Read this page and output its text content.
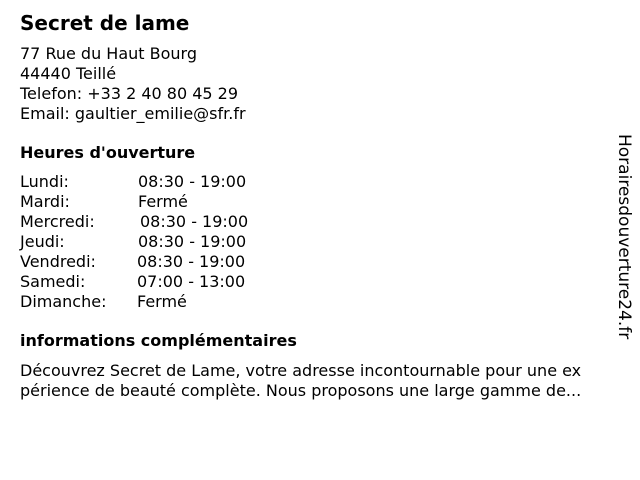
Secret de lame
77 Rue du Haut Bourg
44440 Teillé
Telefon: +33 2 40 80 45 29
Email: gaultier_emilie@sfr.fr
Heures d'ouverture
Lundi:	08:30 - 19:00
Mardi:	Fermé
Mercredi:	08:30 - 19:00
Jeudi:	08:30 - 19:00
Vendredi:	08:30 - 19:00
Samedi:	07:00 - 13:00
Dimanche: Fermé
informations complémentaires
Découvrez Secret de Lame, votre adresse incontournable pour une ex
périence de beauté complète. Nous proposons une large gamme de...
Horairesdouverture24.fr
